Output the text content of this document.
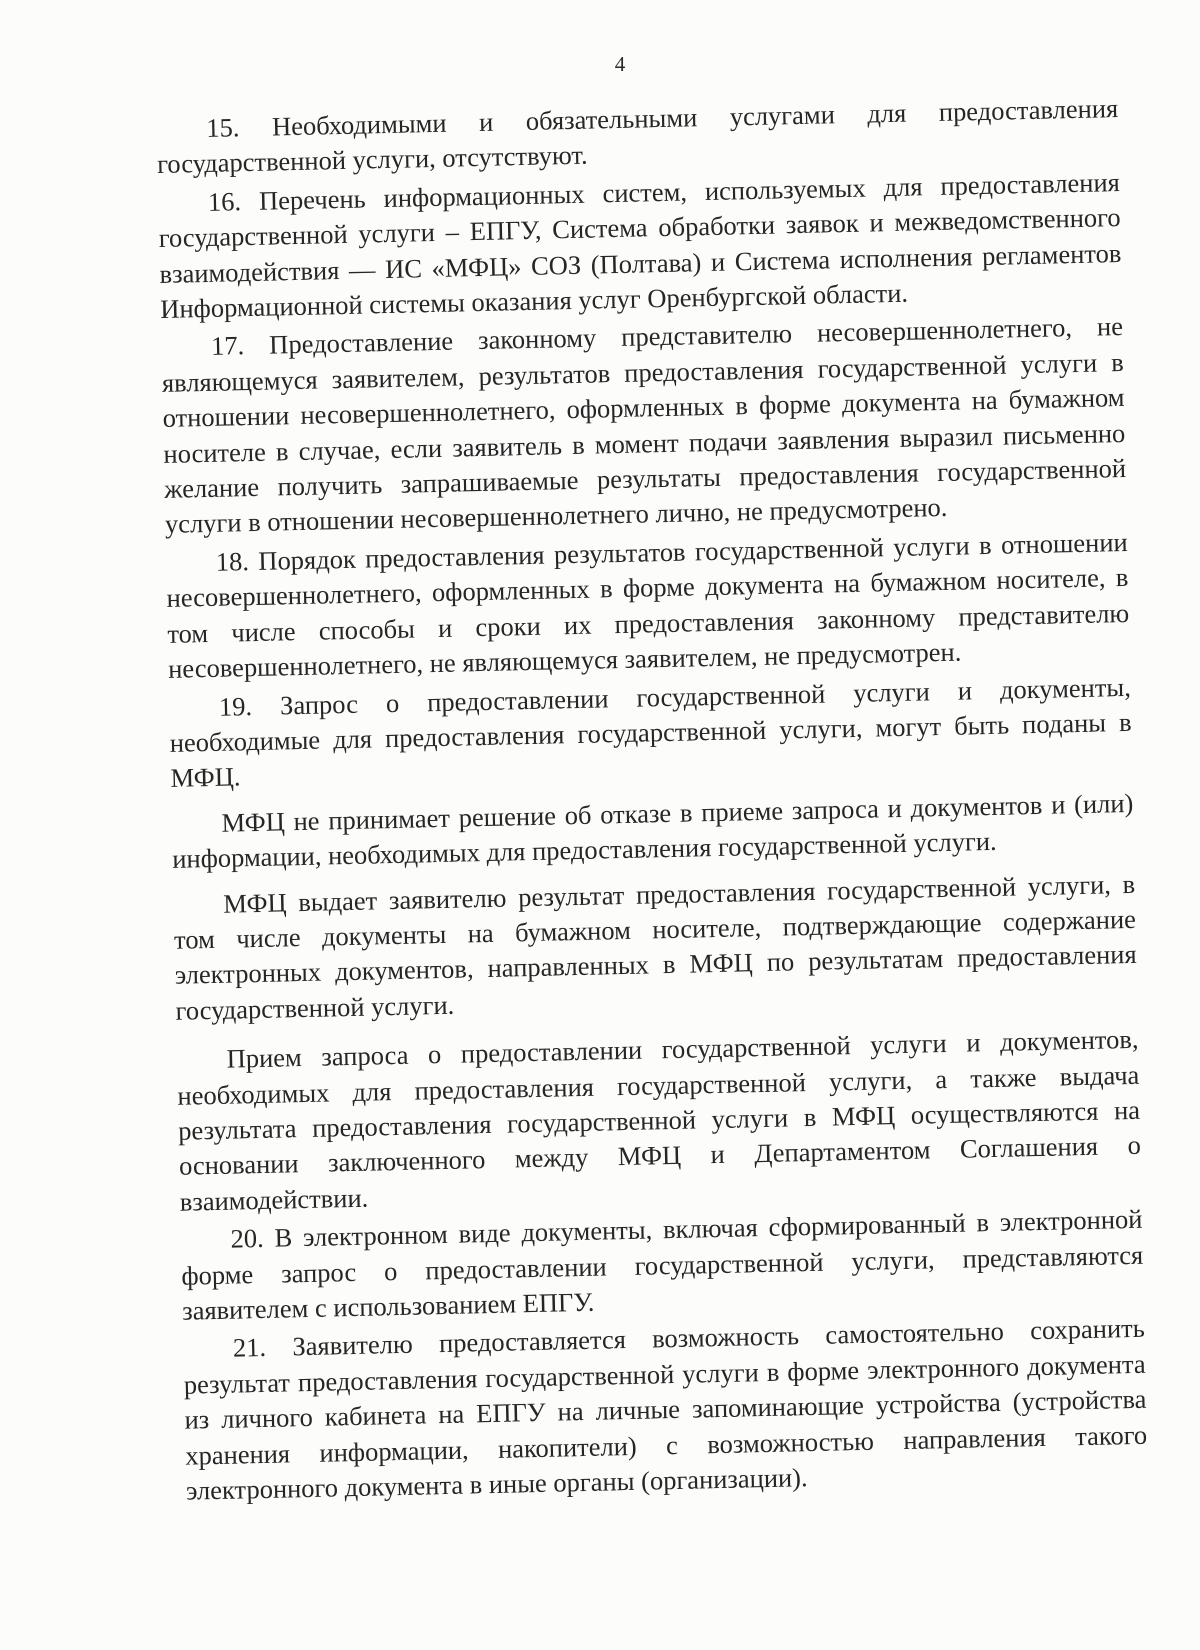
4

15. Необходимыми и обязательными услугами для предоставления государственной услуги, отсутствуют.

16. Перечень информационных систем, используемых для предоставления государственной услуги – ЕПГУ, Система обработки заявок и межведомственного взаимодействия — ИС «МФЦ» СОЗ (Полтава) и Система исполнения регламентов Информационной системы оказания услуг Оренбургской области.

17. Предоставление законному представителю несовершеннолетнего, не являющемуся заявителем, результатов предоставления государственной услуги в отношении несовершеннолетнего, оформленных в форме документа на бумажном носителе в случае, если заявитель в момент подачи заявления выразил письменно желание получить запрашиваемые результаты предоставления государственной услуги в отношении несовершеннолетнего лично, не предусмотрено.

18. Порядок предоставления результатов государственной услуги в отношении несовершеннолетнего, оформленных в форме документа на бумажном носителе, в том числе способы и сроки их предоставления законному представителю несовершеннолетнего, не являющемуся заявителем, не предусмотрен.

19. Запрос о предоставлении государственной услуги и документы, необходимые для предоставления государственной услуги, могут быть поданы в МФЦ.

МФЦ не принимает решение об отказе в приеме запроса и документов и (или) информации, необходимых для предоставления государственной услуги.

МФЦ выдает заявителю результат предоставления государственной услуги, в том числе документы на бумажном носителе, подтверждающие содержание электронных документов, направленных в МФЦ по результатам предоставления государственной услуги.

Прием запроса о предоставлении государственной услуги и документов, необходимых для предоставления государственной услуги, а также выдача результата предоставления государственной услуги в МФЦ осуществляются на основании заключенного между МФЦ и Департаментом Соглашения о взаимодействии.

20. В электронном виде документы, включая сформированный в электронной форме запрос о предоставлении государственной услуги, представляются заявителем с использованием ЕПГУ.

21. Заявителю предоставляется возможность самостоятельно сохранить результат предоставления государственной услуги в форме электронного документа из личного кабинета на ЕПГУ на личные запоминающие устройства (устройства хранения информации, накопители) с возможностью направления такого электронного документа в иные органы (организации).
